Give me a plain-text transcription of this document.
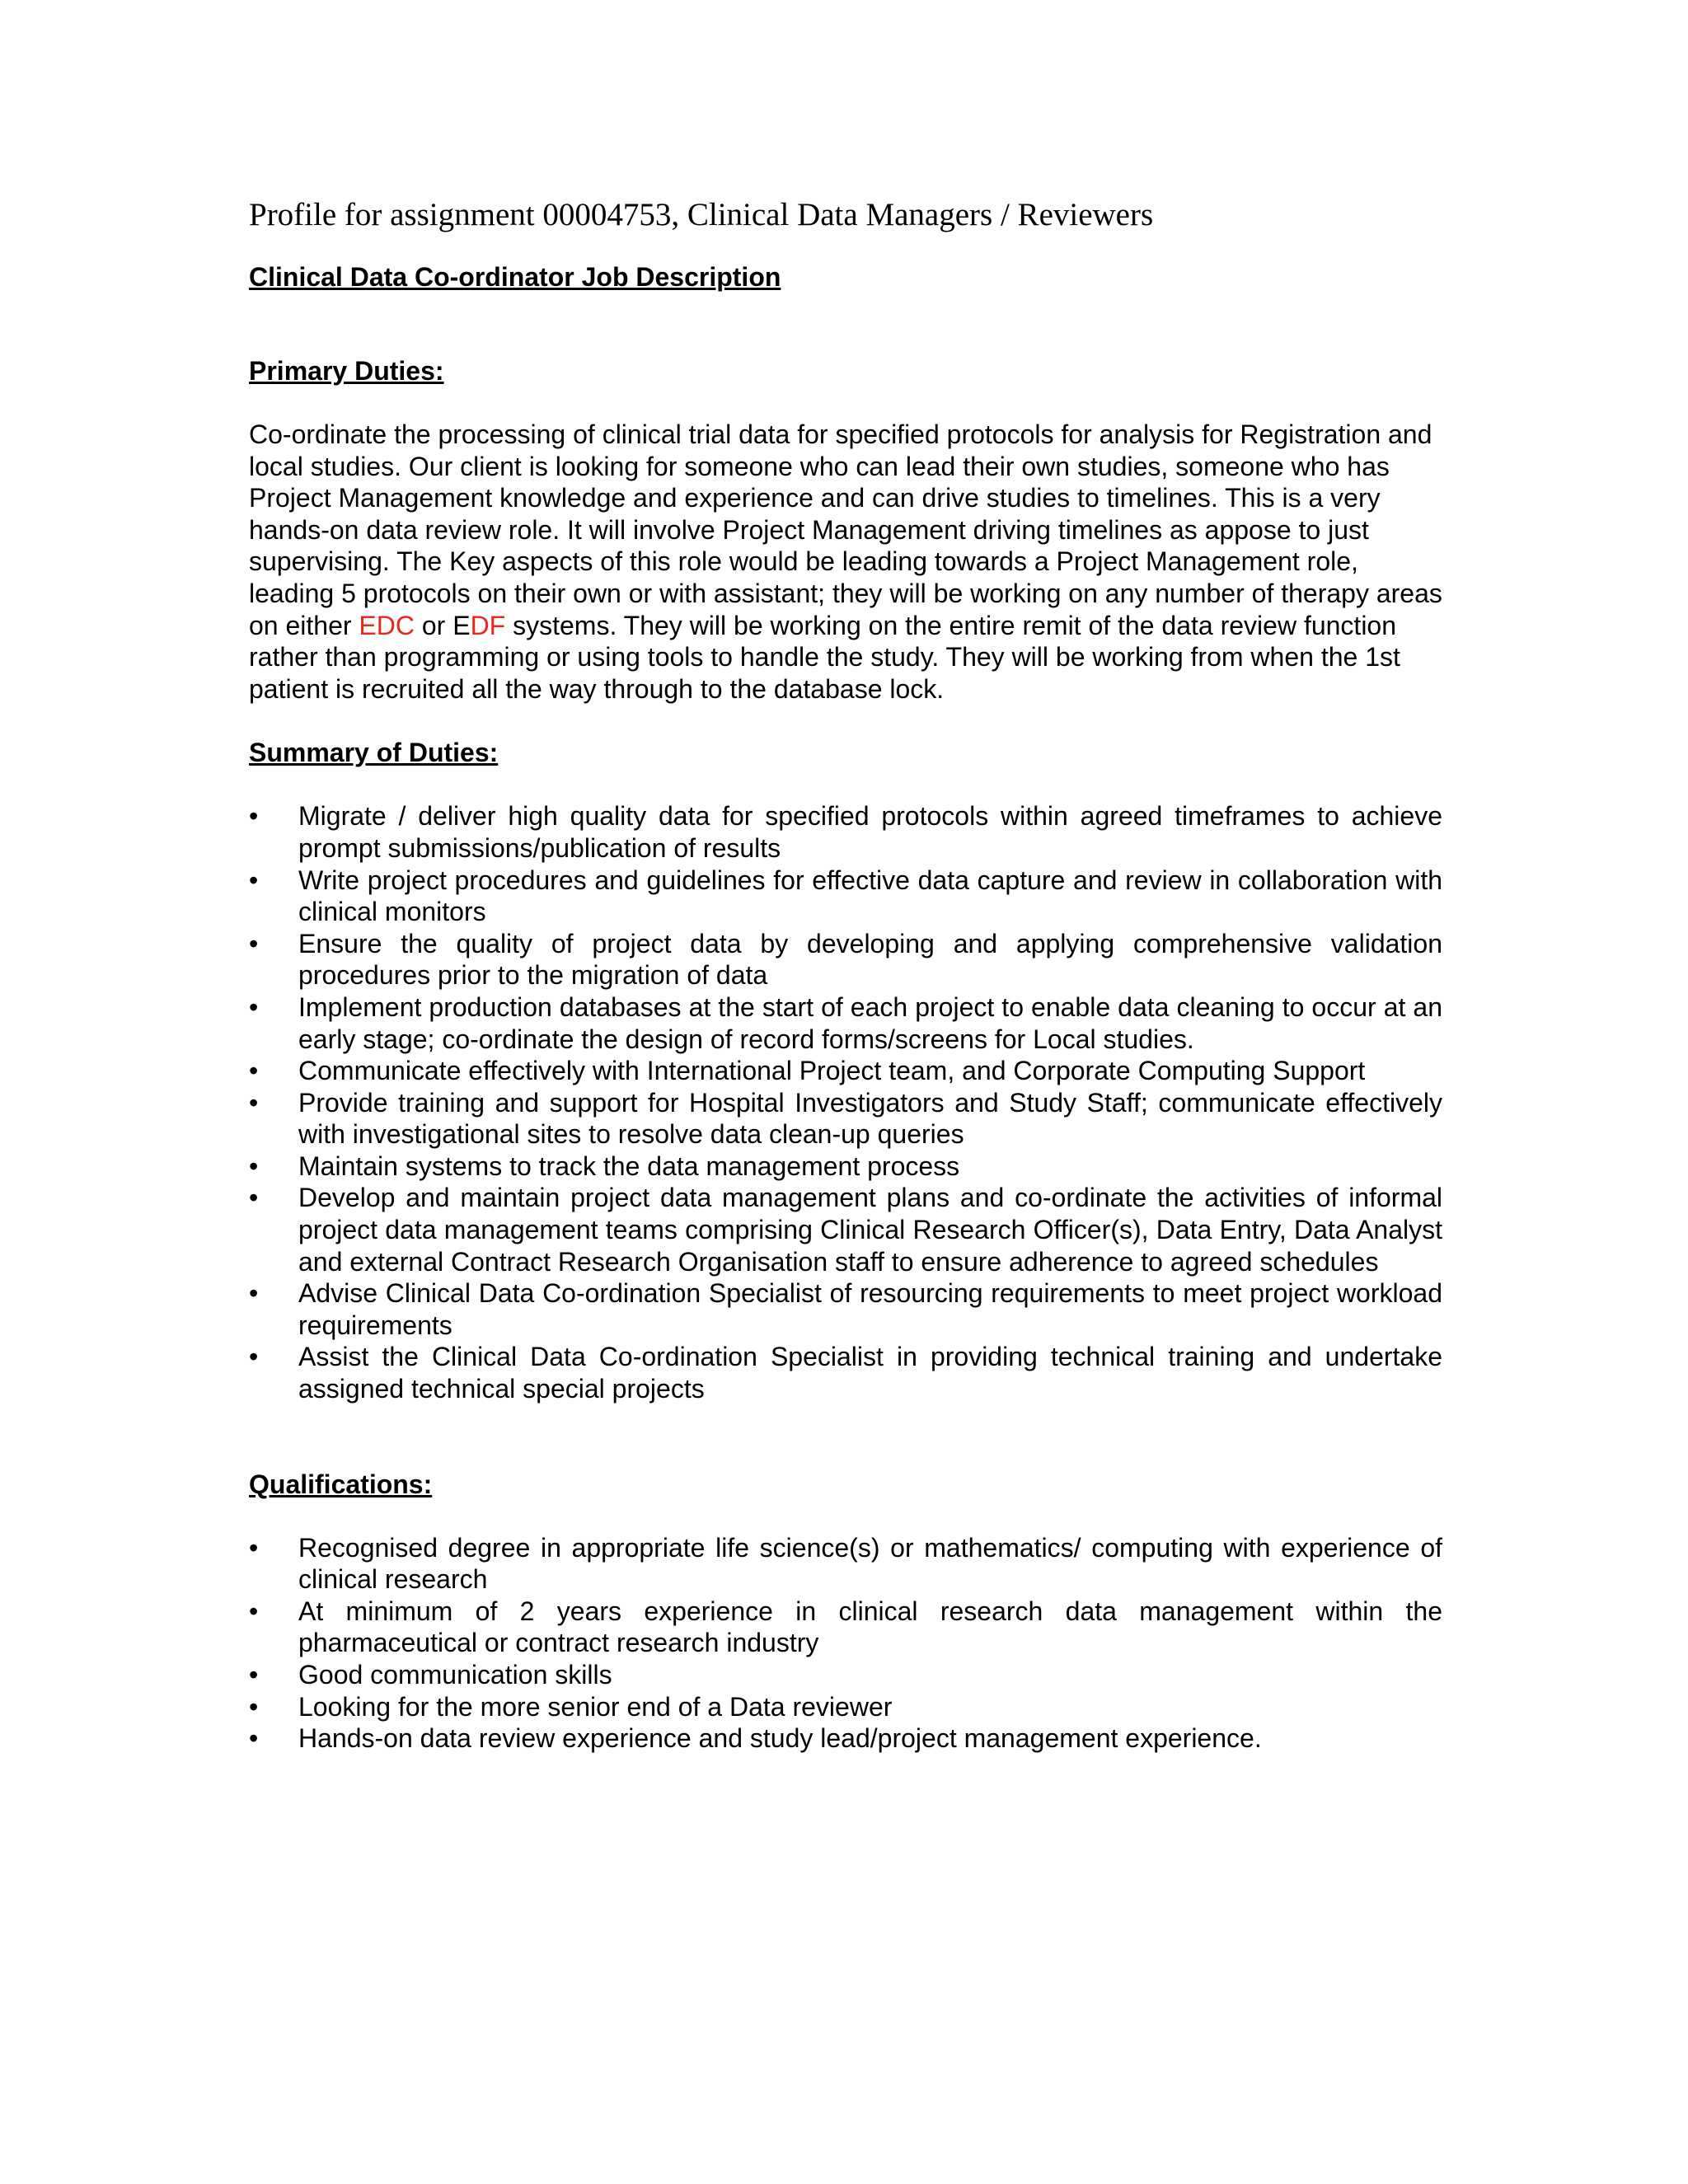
Profile for assignment 00004753, Clinical Data Managers / Reviewers
Clinical Data Co-ordinator Job Description
Primary Duties:

Co-ordinate the processing of clinical trial data for specified protocols for analysis for Registration and local studies. Our client is looking for someone who can lead their own studies, someone who has Project Management knowledge and experience and can drive studies to timelines. This is a very hands-on data review role. It will involve Project Management driving timelines as appose to just supervising. The Key aspects of this role would be leading towards a Project Management role, leading 5 protocols on their own or with assistant; they will be working on any number of therapy areas on either EDC or EDF systems. They will be working on the entire remit of the data review function rather than programming or using tools to handle the study. They will be working from when the 1st patient is recruited all the way through to the database lock.

Summary of Duties:
•	Migrate / deliver high quality data for specified protocols within agreed timeframes to achieve prompt submissions/publication of results
•	Write project procedures and guidelines for effective data capture and review in collaboration with clinical monitors
•	Ensure the quality of project data by developing and applying comprehensive validation procedures prior to the migration of data
•	Implement production databases at the start of each project to enable data cleaning to occur at an early stage; co-ordinate the design of record forms/screens for Local studies.
•	Communicate effectively with International Project team, and Corporate Computing Support
•	Provide training and support for Hospital Investigators and Study Staff; communicate effectively with investigational sites to resolve data clean-up queries
•	Maintain systems to track the data management process
•	Develop and maintain project data management plans and co-ordinate the activities of informal project data management teams comprising Clinical Research Officer(s), Data Entry, Data Analyst and external Contract Research Organisation staff to ensure adherence to agreed schedules
•	Advise Clinical Data Co-ordination Specialist of resourcing requirements to meet project workload requirements
•	Assist the Clinical Data Co-ordination Specialist in providing technical training and undertake assigned technical special projects
Qualifications:
•	Recognised degree in appropriate life science(s) or mathematics/ computing with experience of clinical research
•	At minimum of 2 years experience in clinical research data management within the pharmaceutical or contract research industry
•	Good communication skills
•	Looking for the more senior end of a Data reviewer
•	Hands-on data review experience and study lead/project management experience.
